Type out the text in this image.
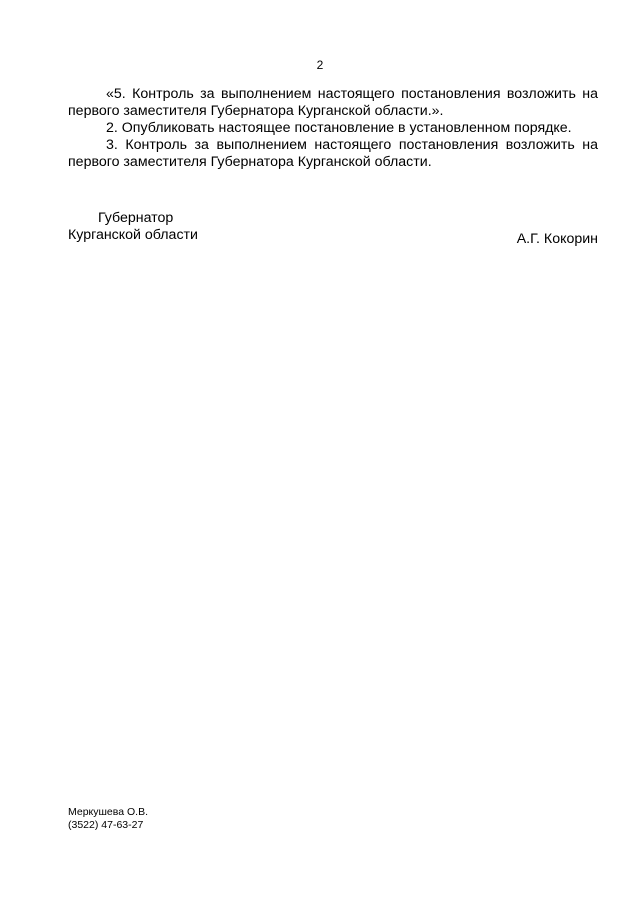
2

«5. Контроль за выполнением настоящего постановления возложить на первого заместителя Губернатора Курганской области.».

2. Опубликовать настоящее постановление в установленном порядке.

3. Контроль за выполнением настоящего постановления возложить на первого заместителя Губернатора Курганской области.

Губернатор
Курганской области	А.Г. Кокорин
Меркушева О.В.
(3522) 47-63-27
